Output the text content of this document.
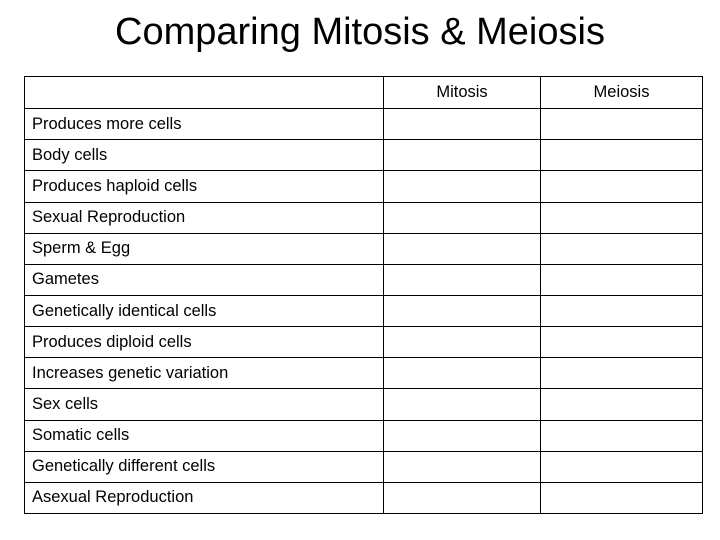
Comparing Mitosis & Meiosis
	Mitosis	Meiosis
Produces more cells		
Body cells		
Produces haploid cells		
Sexual Reproduction		
Sperm & Egg		
Gametes		
Genetically identical cells		
Produces diploid cells		
Increases genetic variation		
Sex cells		
Somatic cells		
Genetically different cells		
Asexual Reproduction		
